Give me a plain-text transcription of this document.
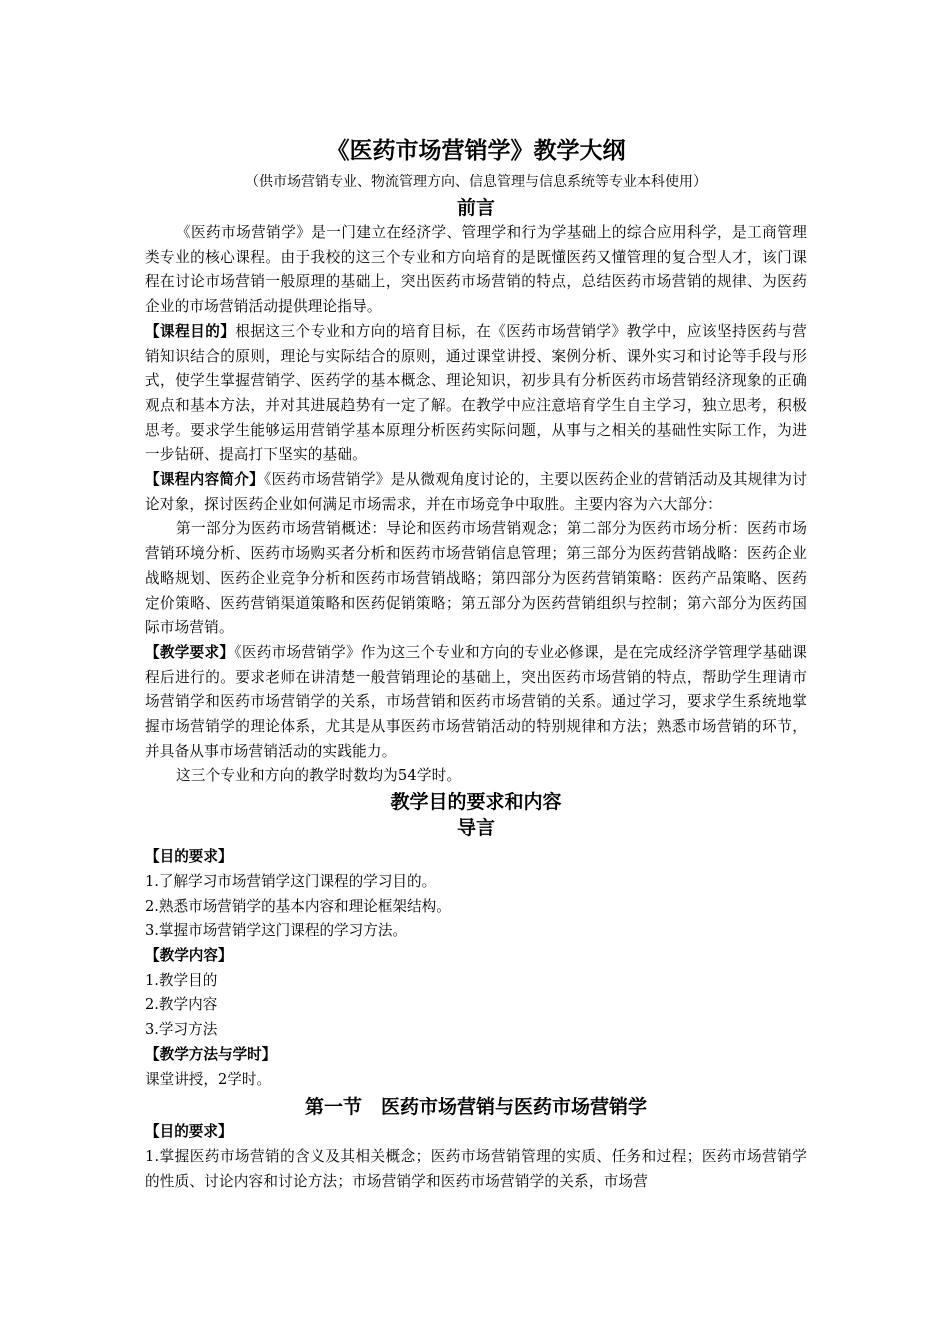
《医药市场营销学》教学大纲
（供市场营销专业、物流管理方向、信息管理与信息系统等专业本科使用）
前言

《医药市场营销学》是一门建立在经济学、管理学和行为学基础上的综合应用科学，是工商管理类专业的核心课程。由于我校的这三个专业和方向培育的是既懂医药又懂管理的复合型人才，该门课程在讨论市场营销一般原理的基础上，突出医药市场营销的特点，总结医药市场营销的规律、为医药企业的市场营销活动提供理论指导。

【课程目的】根据这三个专业和方向的培育目标，在《医药市场营销学》教学中，应该坚持医药与营销知识结合的原则，理论与实际结合的原则，通过课堂讲授、案例分析、课外实习和讨论等手段与形式，使学生掌握营销学、医药学的基本概念、理论知识，初步具有分析医药市场营销经济现象的正确观点和基本方法，并对其进展趋势有一定了解。在教学中应注意培育学生自主学习，独立思考，积极思考。要求学生能够运用营销学基本原理分析医药实际问题，从事与之相关的基础性实际工作，为进一步钻研、提高打下坚实的基础。

【课程内容简介】《医药市场营销学》是从微观角度讨论的，主要以医药企业的营销活动及其规律为讨论对象，探讨医药企业如何满足市场需求，并在市场竞争中取胜。主要内容为六大部分：

第一部分为医药市场营销概述：导论和医药市场营销观念；第二部分为医药市场分析：医药市场营销环境分析、医药市场购买者分析和医药市场营销信息管理；第三部分为医药营销战略：医药企业战略规划、医药企业竞争分析和医药市场营销战略；第四部分为医药营销策略：医药产品策略、医药定价策略、医药营销渠道策略和医药促销策略；第五部分为医药营销组织与控制；第六部分为医药国际市场营销。

【教学要求】《医药市场营销学》作为这三个专业和方向的专业必修课，是在完成经济学管理学基础课程后进行的。要求老师在讲清楚一般营销理论的基础上，突出医药市场营销的特点，帮助学生理请市场营销学和医药市场营销学的关系，市场营销和医药市场营销的关系。通过学习，要求学生系统地掌握市场营销学的理论体系，尤其是从事医药市场营销活动的特别规律和方法；熟悉市场营销的环节，并具备从事市场营销活动的实践能力。

这三个专业和方向的教学时数均为54学时。

教学目的要求和内容
导言

【目的要求】

1.了解学习市场营销学这门课程的学习目的。

2.熟悉市场营销学的基本内容和理论框架结构。

3.掌握市场营销学这门课程的学习方法。

【教学内容】

1.教学目的

2.教学内容

3.学习方法

【教学方法与学时】

课堂讲授，2学时。

第一节　医药市场营销与医药市场营销学

【目的要求】

1.掌握医药市场营销的含义及其相关概念；医药市场营销管理的实质、任务和过程；医药市场营销学的性质、讨论内容和讨论方法；市场营销学和医药市场营销学的关系，市场营
